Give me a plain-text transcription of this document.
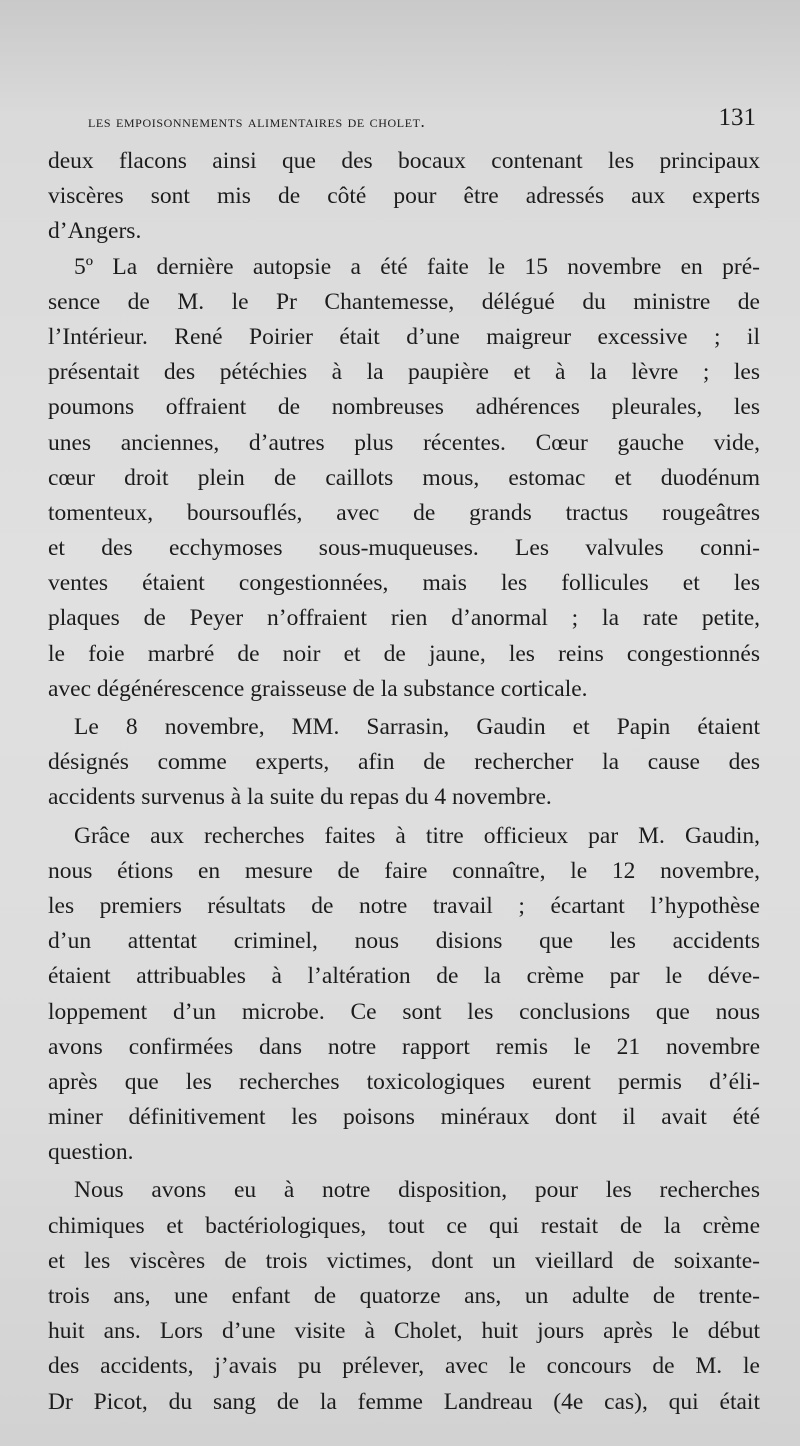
les empoisonnements alimentaires de cholet.	131
deux flacons ainsi que des bocaux contenant les principaux
viscères sont mis de côté pour être adressés aux experts
d’Angers.
5º La dernière autopsie a été faite le 15 novembre en pré-
sence de M. le Pr Chantemesse, délégué du ministre de
l’Intérieur. René Poirier était d’une maigreur excessive ; il
présentait des pétéchies à la paupière et à la lèvre ; les
poumons offraient de nombreuses adhérences pleurales, les
unes anciennes, d’autres plus récentes. Cœur gauche vide,
cœur droit plein de caillots mous, estomac et duodénum
tomenteux, boursouflés, avec de grands tractus rougeâtres
et des ecchymoses sous-muqueuses. Les valvules conni-
ventes étaient congestionnées, mais les follicules et les
plaques de Peyer n’offraient rien d’anormal ; la rate petite,
le foie marbré de noir et de jaune, les reins congestionnés
avec dégénérescence graisseuse de la substance corticale.
Le 8 novembre, MM. Sarrasin, Gaudin et Papin étaient
désignés comme experts, afin de rechercher la cause des
accidents survenus à la suite du repas du 4 novembre.
Grâce aux recherches faites à titre officieux par M. Gaudin,
nous étions en mesure de faire connaître, le 12 novembre,
les premiers résultats de notre travail ; écartant l’hypothèse
d’un attentat criminel, nous disions que les accidents
étaient attribuables à l’altération de la crème par le déve-
loppement d’un microbe. Ce sont les conclusions que nous
avons confirmées dans notre rapport remis le 21 novembre
après que les recherches toxicologiques eurent permis d’éli-
miner définitivement les poisons minéraux dont il avait été
question.
Nous avons eu à notre disposition, pour les recherches
chimiques et bactériologiques, tout ce qui restait de la crème
et les viscères de trois victimes, dont un vieillard de soixante-
trois ans, une enfant de quatorze ans, un adulte de trente-
huit ans. Lors d’une visite à Cholet, huit jours après le début
des accidents, j’avais pu prélever, avec le concours de M. le
Dr Picot, du sang de la femme Landreau (4e cas), qui était
